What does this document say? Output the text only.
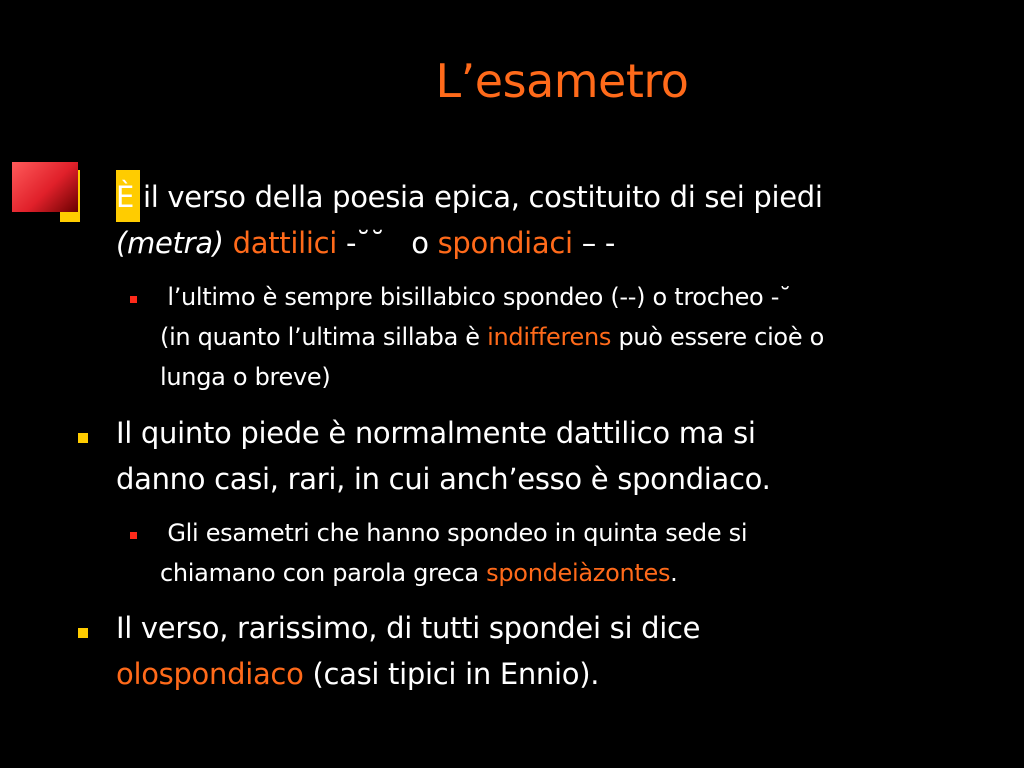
L’esametro
È il verso della poesia epica, costituito di sei piedi
(metra) dattilici -˘˘   o spondiaci – -
l’ultimo è sempre bisillabico spondeo (--) o trocheo -˘
(in quanto l’ultima sillaba è indifferens può essere cioè o
lunga o breve)
Il quinto piede è normalmente dattilico ma si
danno casi, rari, in cui anch’esso è spondiaco.
Gli esametri che hanno spondeo in quinta sede si
chiamano con parola greca spondeiàzontes.
Il verso, rarissimo, di tutti spondei si dice
olospondiaco (casi tipici in Ennio).
